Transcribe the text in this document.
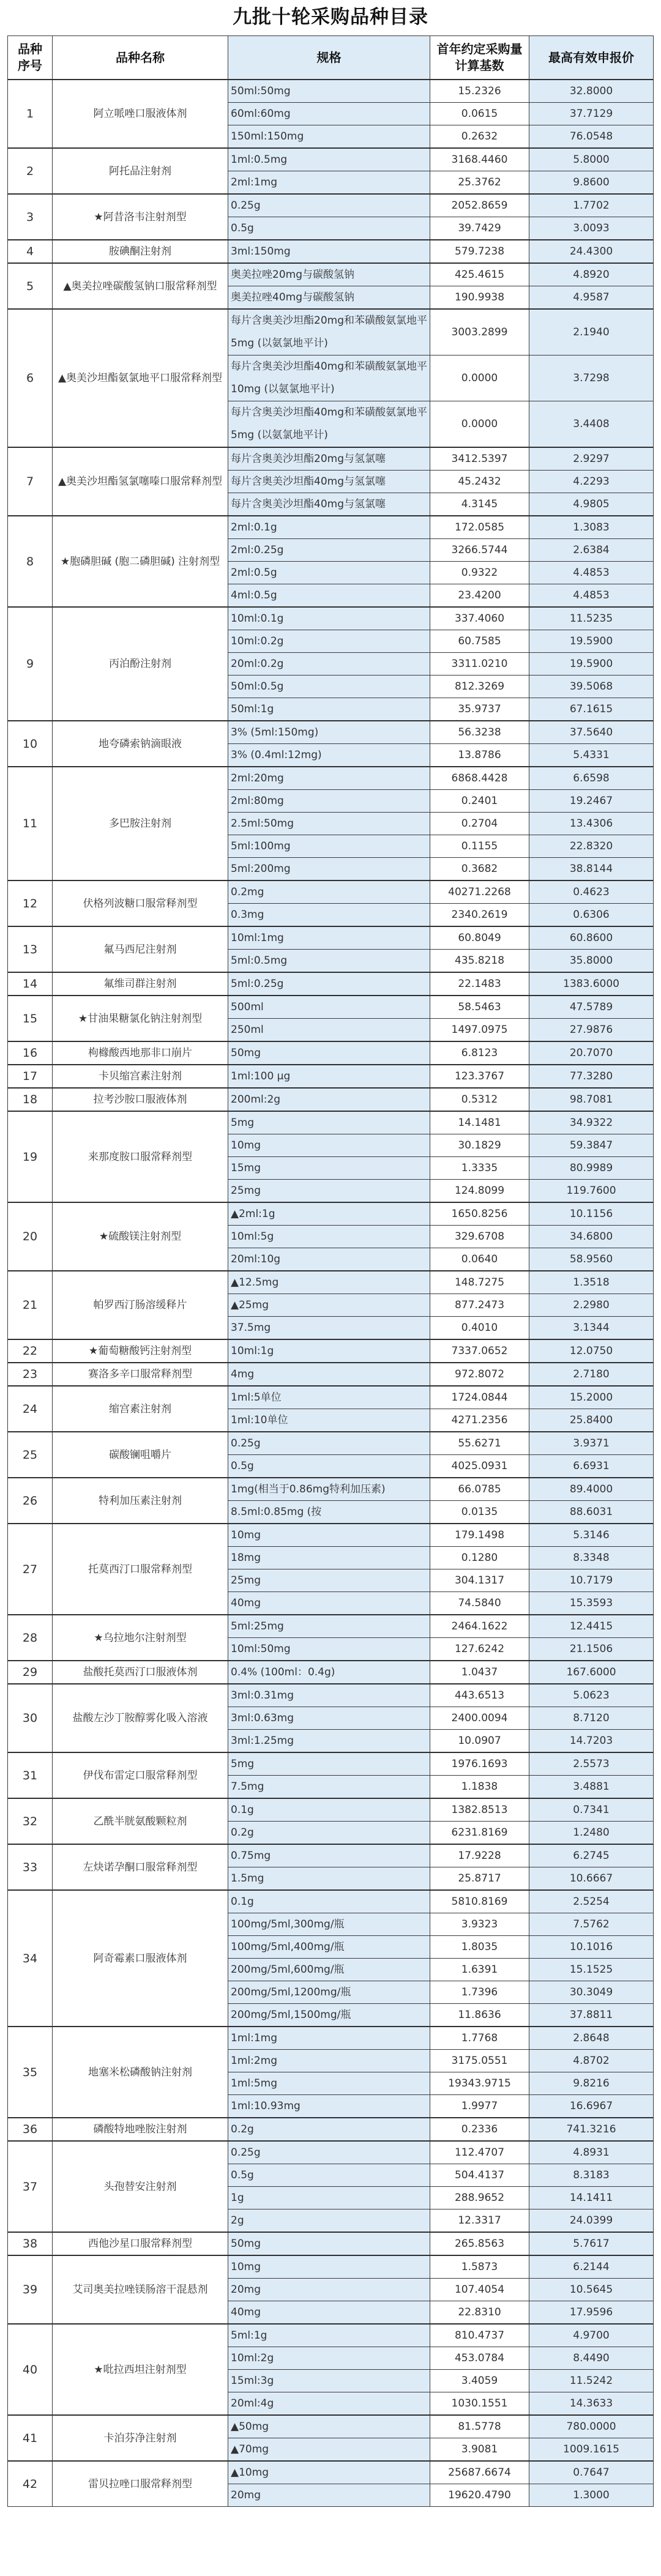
九批十轮采购品种目录
品种序号	品种名称	规格	首年约定采购量计算基数	最高有效申报价
1	阿立哌唑口服液体剂	50ml:50mg	15.2326	32.8000
		60ml:60mg	0.0615	37.7129
		150ml:150mg	0.2632	76.0548
2	阿托品注射剂	1ml:0.5mg	3168.4460	5.8000
		2ml:1mg	25.3762	9.8600
3	★阿昔洛韦注射剂型	0.25g	2052.8659	1.7702
		0.5g	39.7429	3.0093
4	胺碘酮注射剂	3ml:150mg	579.7238	24.4300
5	▲奥美拉唑碳酸氢钠口服常释剂型	奥美拉唑20mg与碳酸氢钠	425.4615	4.8920
		奥美拉唑40mg与碳酸氢钠	190.9938	4.9587
6	▲奥美沙坦酯氨氯地平口服常释剂型	每片含奥美沙坦酯20mg和苯磺酸氨氯地平5mg (以氨氯地平计)	3003.2899	2.1940
		每片含奥美沙坦酯40mg和苯磺酸氨氯地平10mg (以氨氯地平计)	0.0000	3.7298
		每片含奥美沙坦酯40mg和苯磺酸氨氯地平5mg (以氨氯地平计)	0.0000	3.4408
7	▲奥美沙坦酯氢氯噻嗪口服常释剂型	每片含奥美沙坦酯20mg与氢氯噻	3412.5397	2.9297
		每片含奥美沙坦酯40mg与氢氯噻	45.2432	4.2293
		每片含奥美沙坦酯40mg与氢氯噻	4.3145	4.9805
8	★胞磷胆碱 (胞二磷胆碱) 注射剂型	2ml:0.1g	172.0585	1.3083
		2ml:0.25g	3266.5744	2.6384
		2ml:0.5g	0.9322	4.4853
		4ml:0.5g	23.4200	4.4853
9	丙泊酚注射剂	10ml:0.1g	337.4060	11.5235
		10ml:0.2g	60.7585	19.5900
		20ml:0.2g	3311.0210	19.5900
		50ml:0.5g	812.3269	39.5068
		50ml:1g	35.9737	67.1615
10	地夸磷索钠滴眼液	3% (5ml:150mg)	56.3238	37.5640
		3% (0.4ml:12mg)	13.8786	5.4331
11	多巴胺注射剂	2ml:20mg	6868.4428	6.6598
		2ml:80mg	0.2401	19.2467
		2.5ml:50mg	0.2704	13.4306
		5ml:100mg	0.1155	22.8320
		5ml:200mg	0.3682	38.8144
12	伏格列波糖口服常释剂型	0.2mg	40271.2268	0.4623
		0.3mg	2340.2619	0.6306
13	氟马西尼注射剂	10ml:1mg	60.8049	60.8600
		5ml:0.5mg	435.8218	35.8000
14	氟维司群注射剂	5ml:0.25g	22.1483	1383.6000
15	★甘油果糖氯化钠注射剂型	500ml	58.5463	47.5789
		250ml	1497.0975	27.9876
16	枸橼酸西地那非口崩片	50mg	6.8123	20.7070
17	卡贝缩宫素注射剂	1ml:100 μg	123.3767	77.3280
18	拉考沙胺口服液体剂	200ml:2g	0.5312	98.7081
19	来那度胺口服常释剂型	5mg	14.1481	34.9322
		10mg	30.1829	59.3847
		15mg	1.3335	80.9989
		25mg	124.8099	119.7600
20	★硫酸镁注射剂型	▲2ml:1g	1650.8256	10.1156
		10ml:5g	329.6708	34.6800
		20ml:10g	0.0640	58.9560
21	帕罗西汀肠溶缓释片	▲12.5mg	148.7275	1.3518
		▲25mg	877.2473	2.2980
		37.5mg	0.4010	3.1344
22	★葡萄糖酸钙注射剂型	10ml:1g	7337.0652	12.0750
23	赛洛多辛口服常释剂型	4mg	972.8072	2.7180
24	缩宫素注射剂	1ml:5单位	1724.0844	15.2000
		1ml:10单位	4271.2356	25.8400
25	碳酸镧咀嚼片	0.25g	55.6271	3.9371
		0.5g	4025.0931	6.6931
26	特利加压素注射剂	1mg(相当于0.86mg特利加压素)	66.0785	89.4000
		8.5ml:0.85mg (按	0.0135	88.6031
27	托莫西汀口服常释剂型	10mg	179.1498	5.3146
		18mg	0.1280	8.3348
		25mg	304.1317	10.7179
		40mg	74.5840	15.3593
28	★乌拉地尔注射剂型	5ml:25mg	2464.1622	12.4415
		10ml:50mg	127.6242	21.1506
29	盐酸托莫西汀口服液体剂	0.4% (100ml：0.4g)	1.0437	167.6000
30	盐酸左沙丁胺醇雾化吸入溶液	3ml:0.31mg	443.6513	5.0623
		3ml:0.63mg	2400.0094	8.7120
		3ml:1.25mg	10.0907	14.7203
31	伊伐布雷定口服常释剂型	5mg	1976.1693	2.5573
		7.5mg	1.1838	3.4881
32	乙酰半胱氨酸颗粒剂	0.1g	1382.8513	0.7341
		0.2g	6231.8169	1.2480
33	左炔诺孕酮口服常释剂型	0.75mg	17.9228	6.2745
		1.5mg	25.8717	10.6667
34	阿奇霉素口服液体剂	0.1g	5810.8169	2.5254
		100mg/5ml,300mg/瓶	3.9323	7.5762
		100mg/5ml,400mg/瓶	1.8035	10.1016
		200mg/5ml,600mg/瓶	1.6391	15.1525
		200mg/5ml,1200mg/瓶	1.7396	30.3049
		200mg/5ml,1500mg/瓶	11.8636	37.8811
35	地塞米松磷酸钠注射剂	1ml:1mg	1.7768	2.8648
		1ml:2mg	3175.0551	4.8702
		1ml:5mg	19343.9715	9.8216
		1ml:10.93mg	1.9977	16.6967
36	磷酸特地唑胺注射剂	0.2g	0.2336	741.3216
37	头孢替安注射剂	0.25g	112.4707	4.8931
		0.5g	504.4137	8.3183
		1g	288.9652	14.1411
		2g	12.3317	24.0399
38	西他沙星口服常释剂型	50mg	265.8563	5.7617
39	艾司奥美拉唑镁肠溶干混悬剂	10mg	1.5873	6.2144
		20mg	107.4054	10.5645
		40mg	22.8310	17.9596
40	★吡拉西坦注射剂型	5ml:1g	810.4737	4.9700
		10ml:2g	453.0784	8.4490
		15ml:3g	3.4059	11.5242
		20ml:4g	1030.1551	14.3633
41	卡泊芬净注射剂	▲50mg	81.5778	780.0000
		▲70mg	3.9081	1009.1615
42	雷贝拉唑口服常释剂型	▲10mg	25687.6674	0.7647
		20mg	19620.4790	1.3000
